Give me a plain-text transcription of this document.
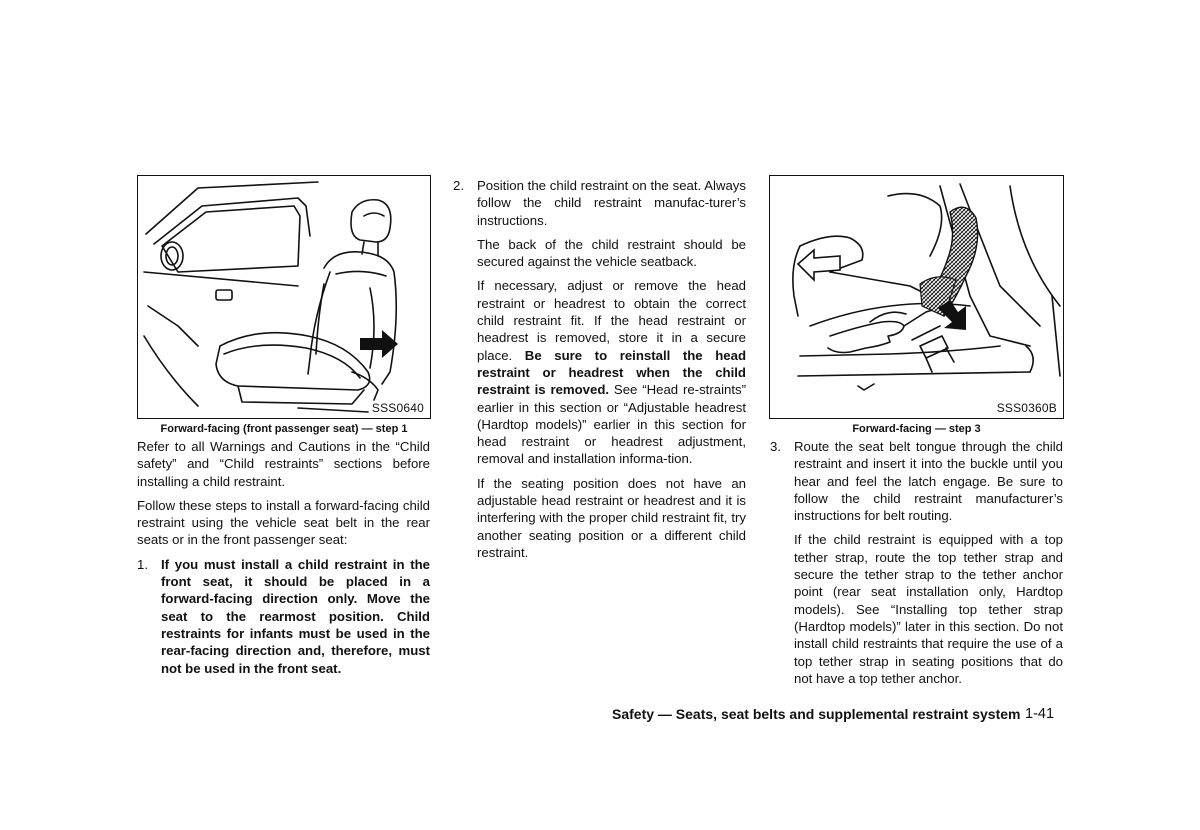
SSS0640
Forward-facing (front passenger seat) — step 1

Refer to all Warnings and Cautions in the “Child safety” and “Child restraints” sections before installing a child restraint.

Follow these steps to install a forward-facing child restraint using the vehicle seat belt in the rear seats or in the front passenger seat:

1. If you must install a child restraint in the front seat, it should be placed in a forward-facing direction only. Move the seat to the rearmost position. Child restraints for infants must be used in the rear-facing direction and, therefore, must not be used in the front seat.

2. Position the child restraint on the seat. Always follow the child restraint manufac-turer’s instructions.

The back of the child restraint should be secured against the vehicle seatback.

If necessary, adjust or remove the head restraint or headrest to obtain the correct child restraint fit. If the head restraint or headrest is removed, store it in a secure place. Be sure to reinstall the head restraint or headrest when the child restraint is removed. See “Head re-straints” earlier in this section or “Adjustable headrest (Hardtop models)” earlier in this section for head restraint or headrest adjustment, removal and installation informa-tion.

If the seating position does not have an adjustable head restraint or headrest and it is interfering with the proper child restraint fit, try another seating position or a different child restraint.

SSS0360B
Forward-facing — step 3
3. Route the seat belt tongue through the child restraint and insert it into the buckle until you hear and feel the latch engage. Be sure to follow the child restraint manufacturer’s instructions for belt routing.

If the child restraint is equipped with a top tether strap, route the top tether strap and secure the tether strap to the tether anchor point (rear seat installation only, Hardtop models). See “Installing top tether strap (Hardtop models)” later in this section. Do not install child restraints that require the use of a top tether strap in seating positions that do not have a top tether anchor.

Safety — Seats, seat belts and supplemental restraint system 1-41
